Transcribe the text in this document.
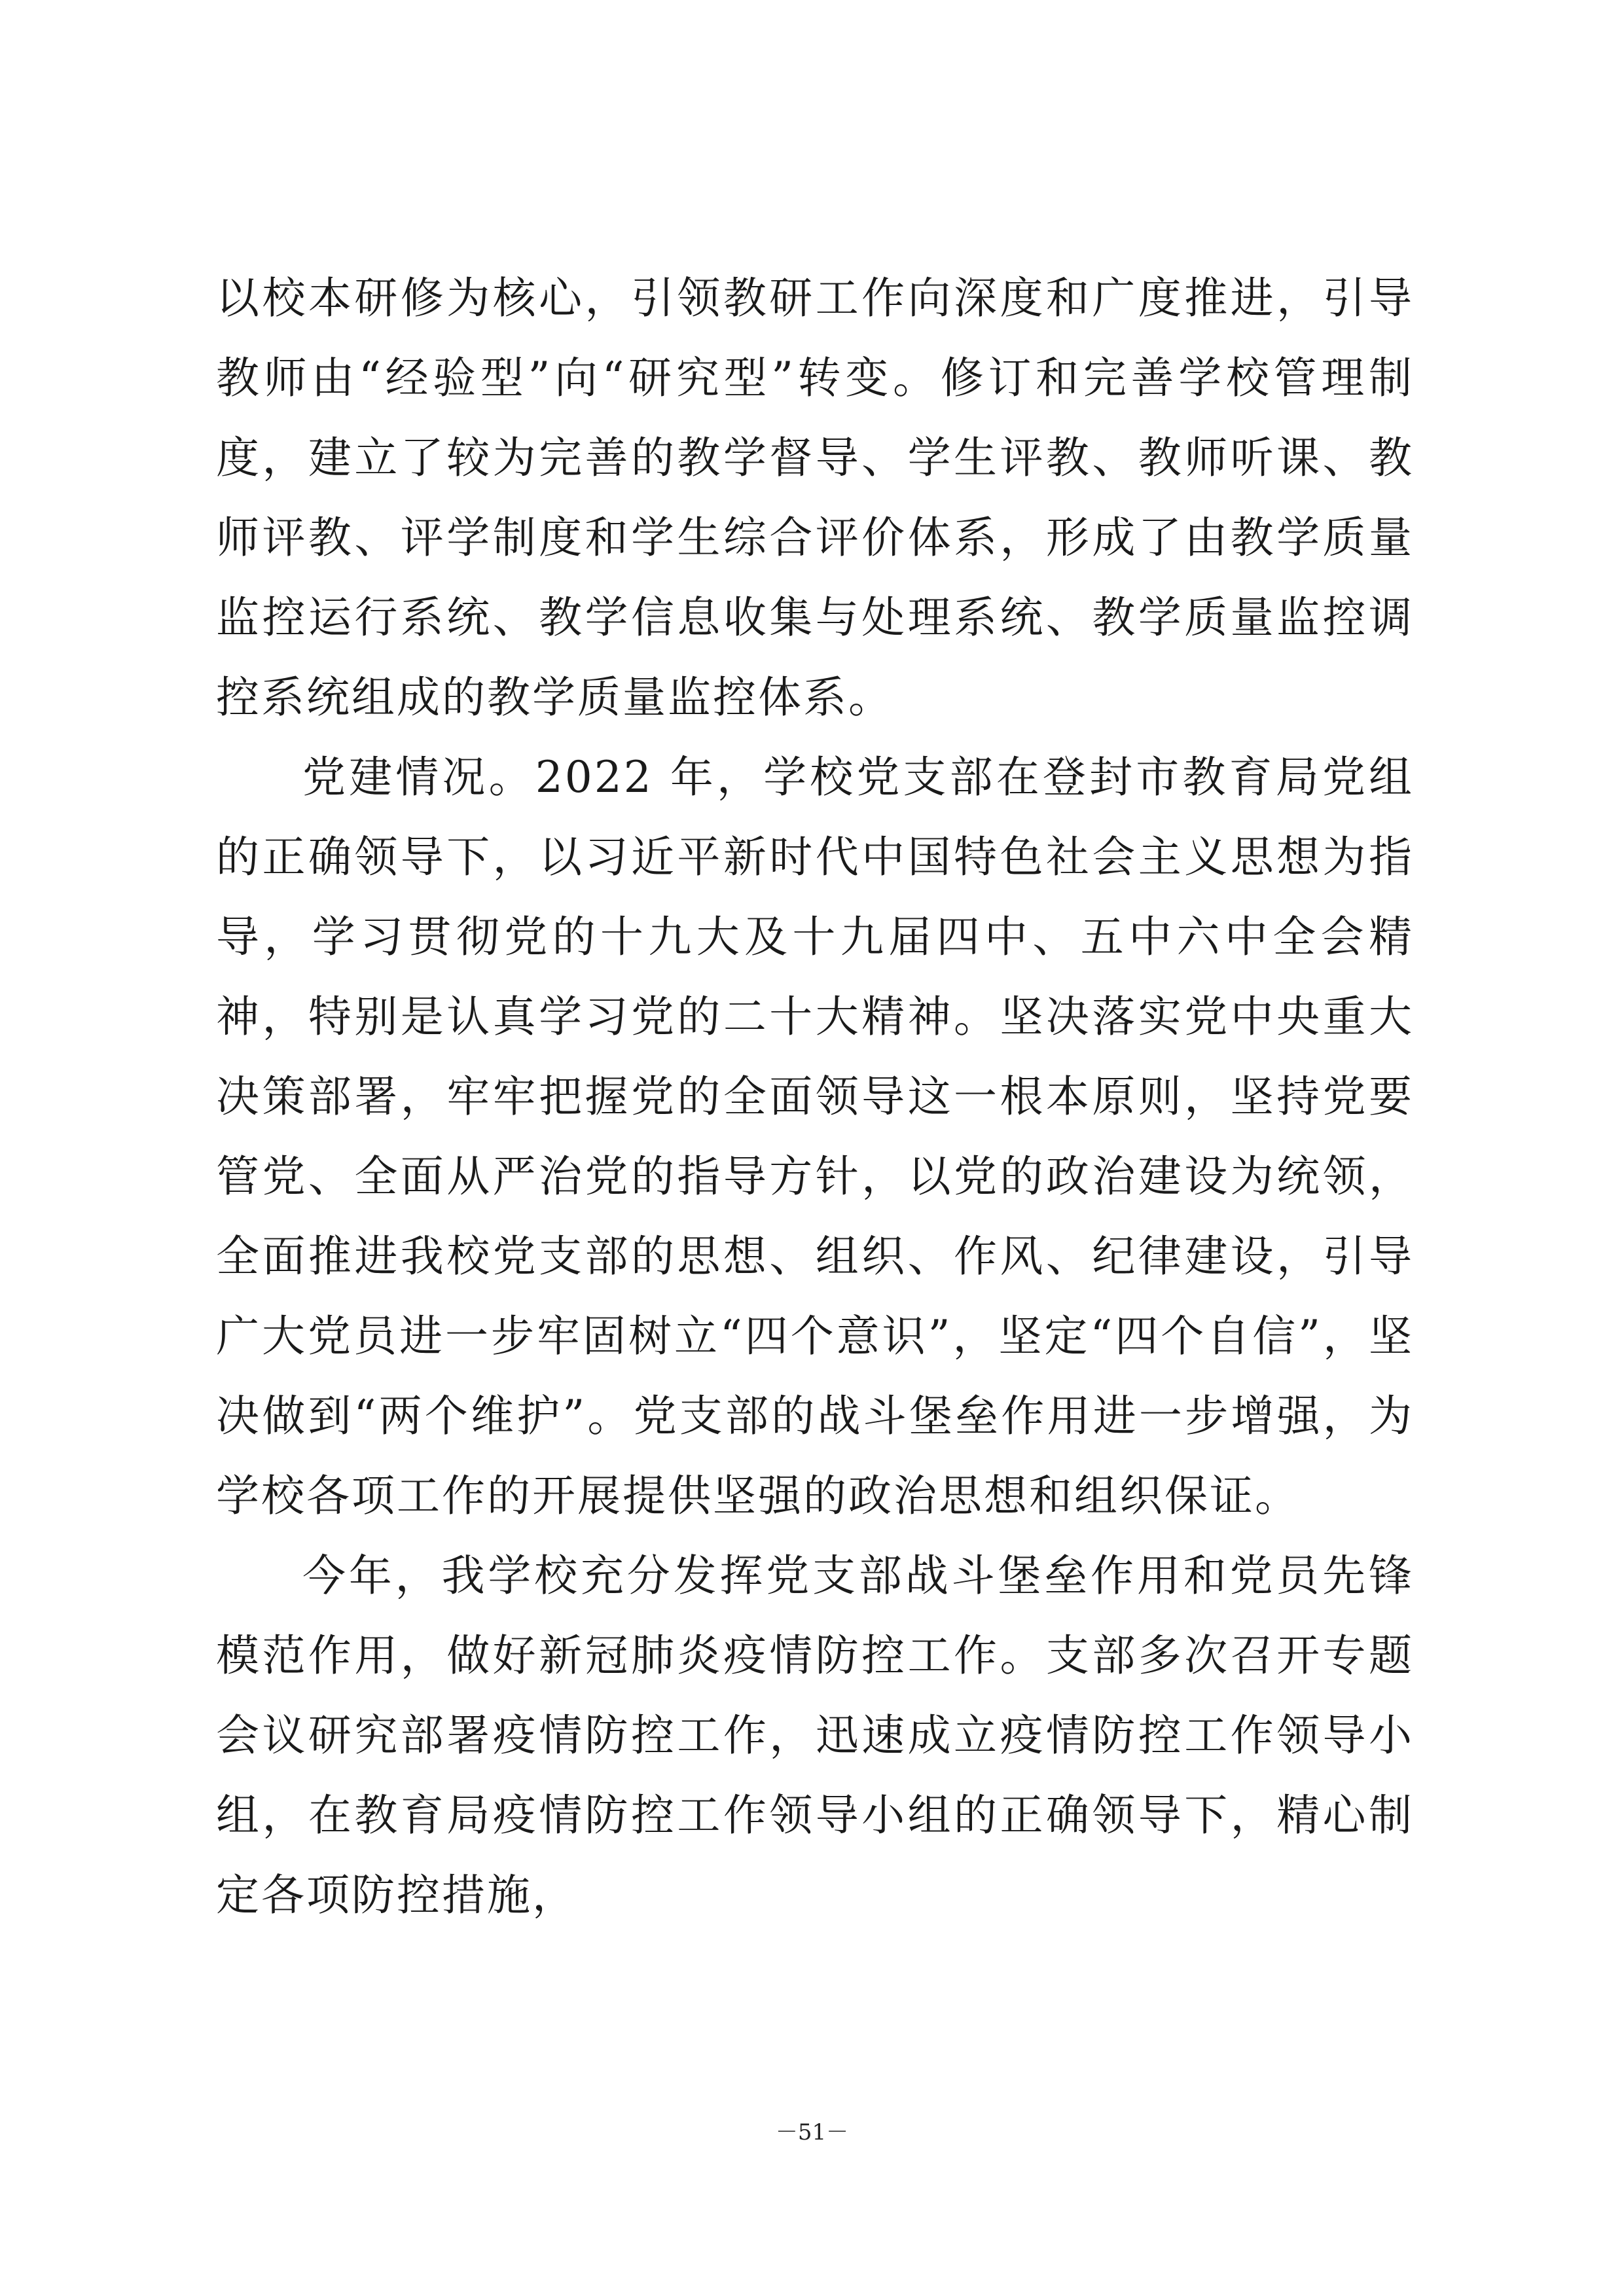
以校本研修为核心，引领教研工作向深度和广度推进，引导教师由“经验型”向“研究型”转变。修订和完善学校管理制度，建立了较为完善的教学督导、学生评教、教师听课、教师评教、评学制度和学生综合评价体系，形成了由教学质量监控运行系统、教学信息收集与处理系统、教学质量监控调控系统组成的教学质量监控体系。

党建情况。2022 年，学校党支部在登封市教育局党组的正确领导下，以习近平新时代中国特色社会主义思想为指导，学习贯彻党的十九大及十九届四中、五中六中全会精神，特别是认真学习党的二十大精神。坚决落实党中央重大决策部署，牢牢把握党的全面领导这一根本原则，坚持党要管党、全面从严治党的指导方针，以党的政治建设为统领，全面推进我校党支部的思想、组织、作风、纪律建设，引导广大党员进一步牢固树立“四个意识”，坚定“四个自信”，坚决做到“两个维护”。党支部的战斗堡垒作用进一步增强，为学校各项工作的开展提供坚强的政治思想和组织保证。

今年，我学校充分发挥党支部战斗堡垒作用和党员先锋模范作用，做好新冠肺炎疫情防控工作。支部多次召开专题会议研究部署疫情防控工作，迅速成立疫情防控工作领导小组，在教育局疫情防控工作领导小组的正确领导下，精心制定各项防控措施，

－51－
